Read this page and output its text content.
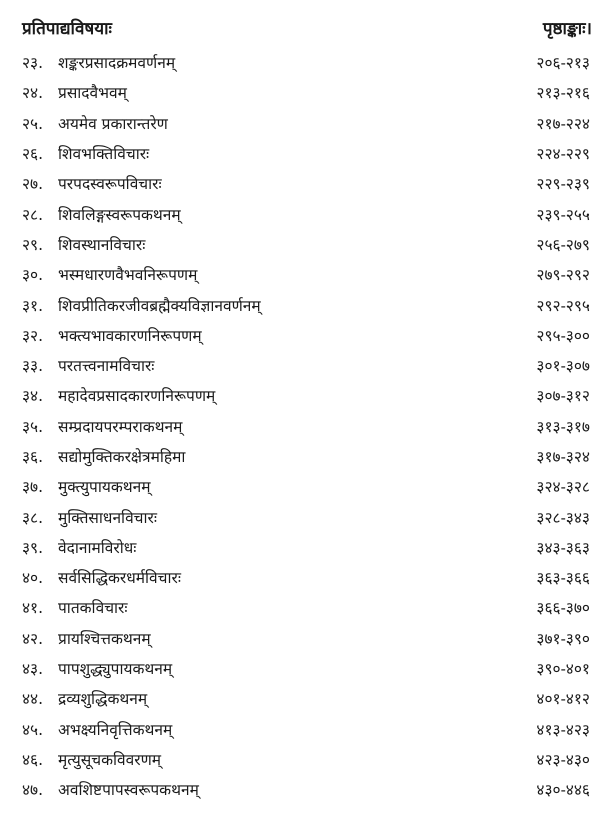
प्रतिपाद्यविषयाः	पृष्ठाङ्काः।
२३. शङ्करप्रसादक्रमवर्णनम्	२०६-२१३
२४. प्रसादवैभवम्	२१३-२१६
२५. अयमेव प्रकारान्तरेण	२१७-२२४
२६. शिवभक्तिविचारः	२२४-२२९
२७. परपदस्वरूपविचारः	२२९-२३९
२८. शिवलिङ्गस्वरूपकथनम्	२३९-२५५
२९. शिवस्थानविचारः	२५६-२७९
३०. भस्मधारणवैभवनिरूपणम्	२७९-२९२
३१. शिवप्रीतिकरजीवब्रह्मैक्यविज्ञानवर्णनम्	२९२-२९५
३२. भक्त्यभावकारणनिरूपणम्	२९५-३००
३३. परतत्त्वनामविचारः	३०१-३०७
३४. महादेवप्रसादकारणनिरूपणम्	३०७-३१२
३५. सम्प्रदायपरम्पराकथनम्	३१३-३१७
३६. सद्योमुक्तिकरक्षेत्रमहिमा	३१७-३२४
३७. मुक्त्युपायकथनम्	३२४-३२८
३८. मुक्तिसाधनविचारः	३२८-३४३
३९. वेदानामविरोधः	३४३-३६३
४०. सर्वसिद्धिकरधर्मविचारः	३६३-३६६
४१. पातकविचारः	३६६-३७०
४२. प्रायश्चित्तकथनम्	३७१-३९०
४३. पापशुद्ध्युपायकथनम्	३९०-४०१
४४. द्रव्यशुद्धिकथनम्	४०१-४१२
४५. अभक्ष्यनिवृत्तिकथनम्	४१३-४२३
४६. मृत्युसूचकविवरणम्	४२३-४३०
४७. अवशिष्टपापस्वरूपकथनम्	४३०-४४६
